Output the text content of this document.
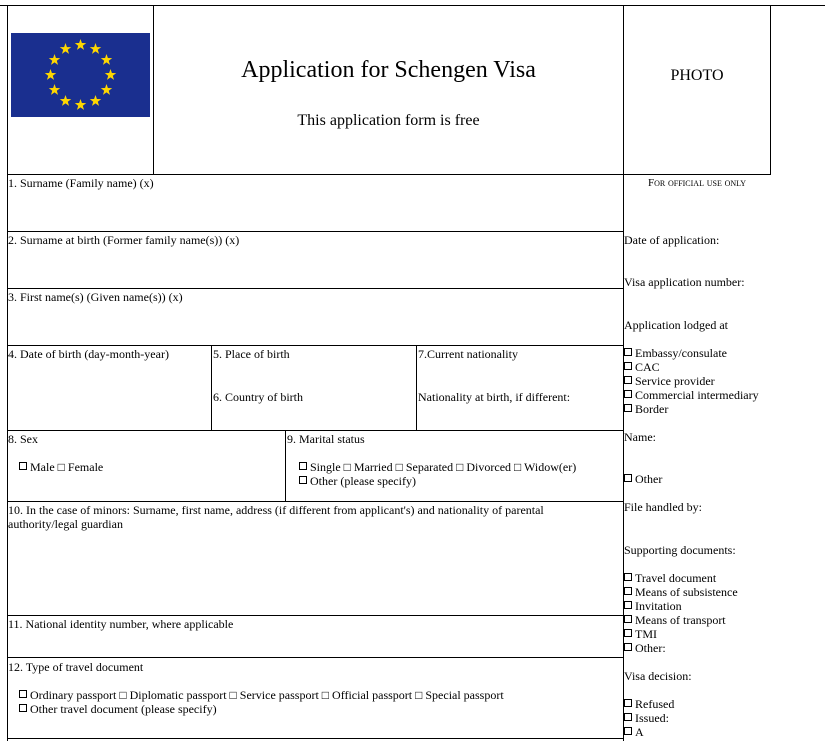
Application for Schengen Visa
This application form is free
PHOTO
1. Surname (Family name) (x)
2. Surname at birth (Former family name(s)) (x)
3. First name(s) (Given name(s)) (x)
4. Date of birth (day-month-year)	5. Place of birth
6. Country of birth
7.Current nationality
Nationality at birth, if different:
8. Sex
Male □ Female
9. Marital status
Single □ Married □ Separated □ Divorced □ Widow(er)
Other (please specify)
10. In the case of minors: Surname, first name, address (if different from applicant's) and nationality of parental authority/legal guardian
11. National identity number, where applicable
12. Type of travel document
Ordinary passport □ Diplomatic passport □ Service passport □ Official passport □ Special passport
Other travel document (please specify)
For official use only
Date of application:
Visa application number:
Application lodged at
Embassy/consulate
CAC
Service provider
Commercial intermediary
Border
Name:
Other
File handled by:
Supporting documents:
Travel document
Means of subsistence
Invitation
Means of transport
TMI
Other:
Visa decision:
Refused
Issued:
A
